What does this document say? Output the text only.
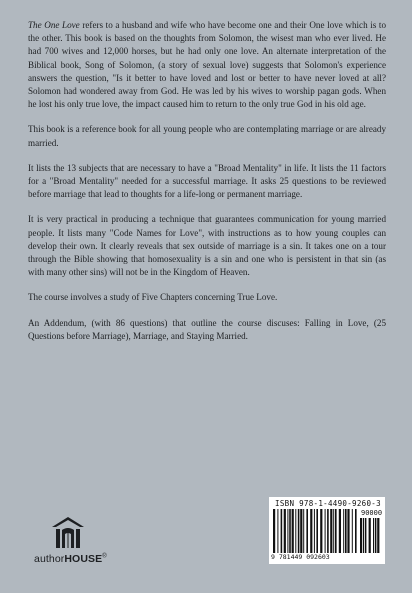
The One Love refers to a husband and wife who have become one and their One love which is to the other. This book is based on the thoughts from Solomon, the wisest man who ever lived. He had 700 wives and 12,000 horses, but he had only one love. An alternate interpretation of the Biblical book, Song of Solomon, (a story of sexual love) suggests that Solomon's experience answers the question, "Is it better to have loved and lost or better to have never loved at all? Solomon had wondered away from God. He was led by his wives to worship pagan gods. When he lost his only true love, the impact caused him to return to the only true God in his old age.

This book is a reference book for all young people who are contemplating marriage or are already married.

It lists the 13 subjects that are necessary to have a "Broad Mentality" in life. It lists the 11 factors for a "Broad Mentality" needed for a successful marriage. It asks 25 questions to be reviewed before marriage that lead to thoughts for a life-long or permanent marriage.

It is very practical in producing a technique that guarantees communication for young married people. It lists many "Code Names for Love", with instructions as to how young couples can develop their own. It clearly reveals that sex outside of marriage is a sin. It takes one on a tour through the Bible showing that homosexuality is a sin and one who is persistent in that sin (as with many other sins) will not be in the Kingdom of Heaven.

The course involves a study of Five Chapters concerning True Love.

An Addendum, (with 86 questions) that outline the course discuses: Falling in Love, (25 Questions before Marriage), Marriage, and Staying Married.

authorHOUSE®
ISBN 978-1-4490-9260-3
90000
9 781449 092603
